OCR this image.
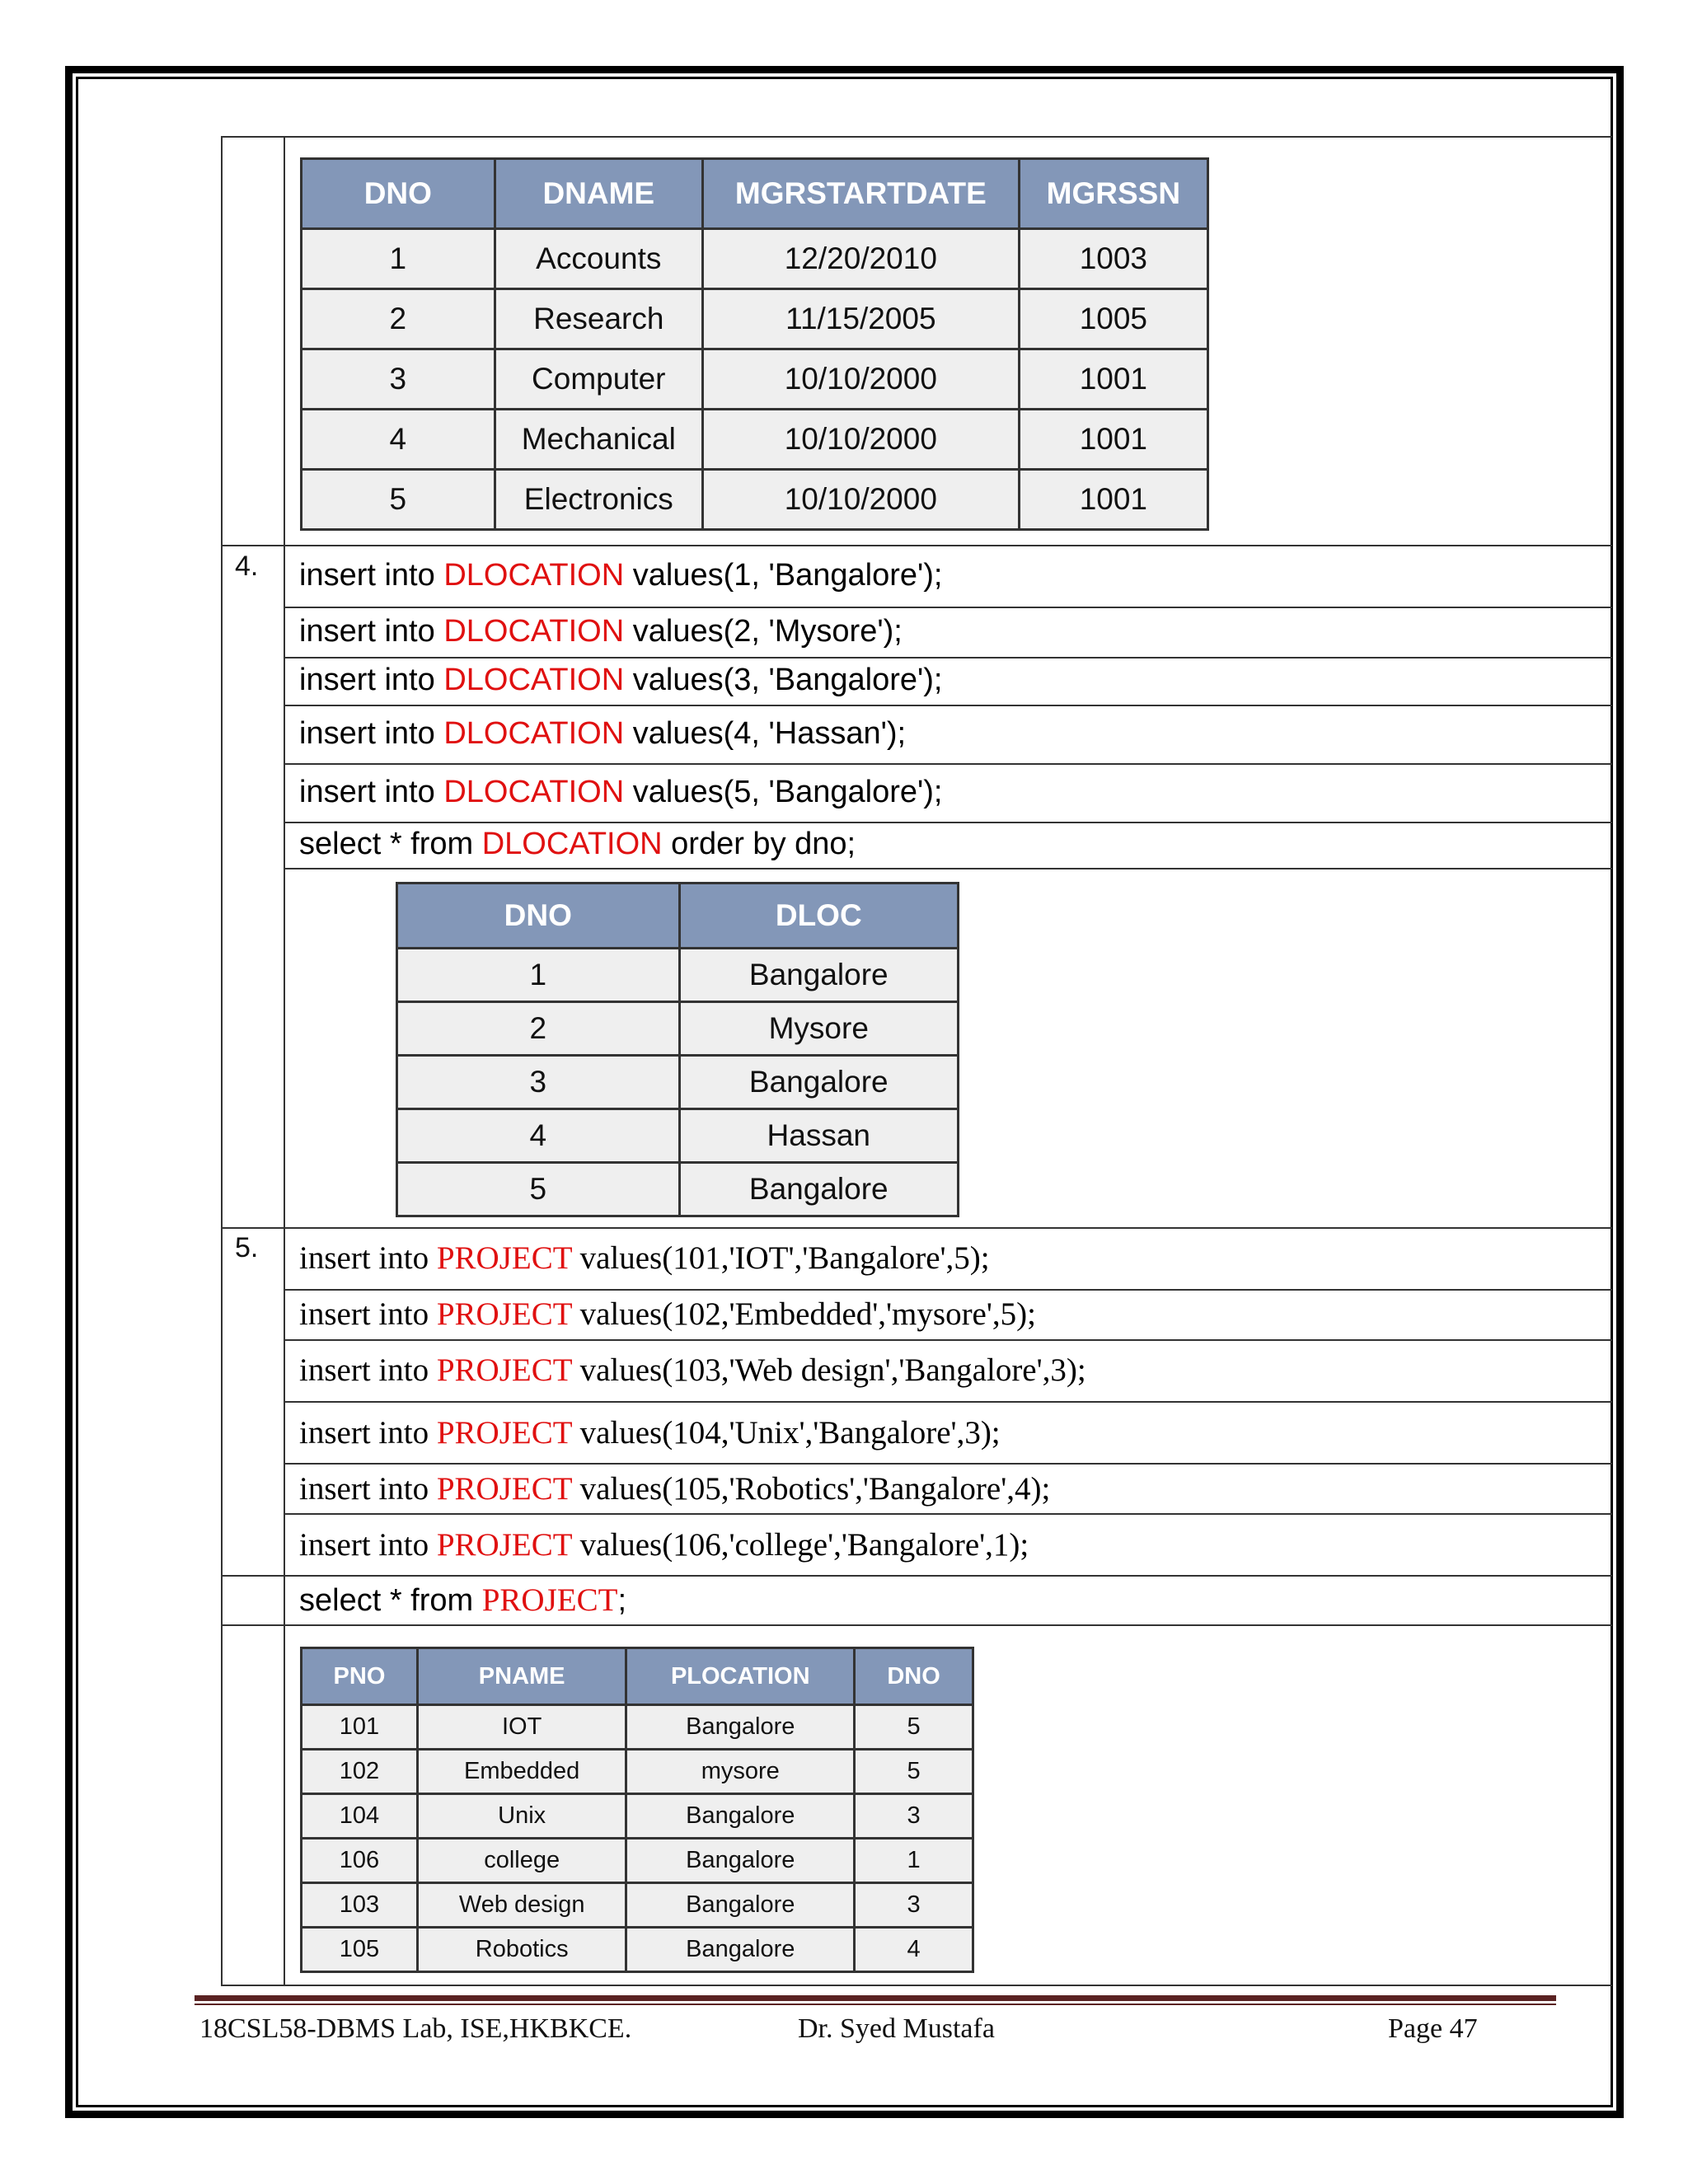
DNO	DNAME	MGRSTARTDATE	MGRSSN
1	Accounts	12/20/2010	1003
2	Research	11/15/2005	1005
3	Computer	10/10/2000	1001
4	Mechanical	10/10/2000	1001
5	Electronics	10/10/2000	1001
4. insert into DLOCATION values(1, 'Bangalore');
insert into DLOCATION values(2, 'Mysore');
insert into DLOCATION values(3, 'Bangalore');
insert into DLOCATION values(4, 'Hassan');
insert into DLOCATION values(5, 'Bangalore');
select * from DLOCATION order by dno;
DNO	DLOC
1	Bangalore
2	Mysore
3	Bangalore
4	Hassan
5	Bangalore
5. insert into PROJECT values(101,'IOT','Bangalore',5);
insert into PROJECT values(102,'Embedded','mysore',5);
insert into PROJECT values(103,'Web design','Bangalore',3);
insert into PROJECT values(104,'Unix','Bangalore',3);
insert into PROJECT values(105,'Robotics','Bangalore',4);
insert into PROJECT values(106,'college','Bangalore',1);
select * from PROJECT;
PNO	PNAME	PLOCATION	DNO
101	IOT	Bangalore	5
102	Embedded	mysore	5
104	Unix	Bangalore	3
106	college	Bangalore	1
103	Web design	Bangalore	3
105	Robotics	Bangalore	4
18CSL58-DBMS Lab, ISE,HKBKCE.	Dr. Syed Mustafa	Page 47
